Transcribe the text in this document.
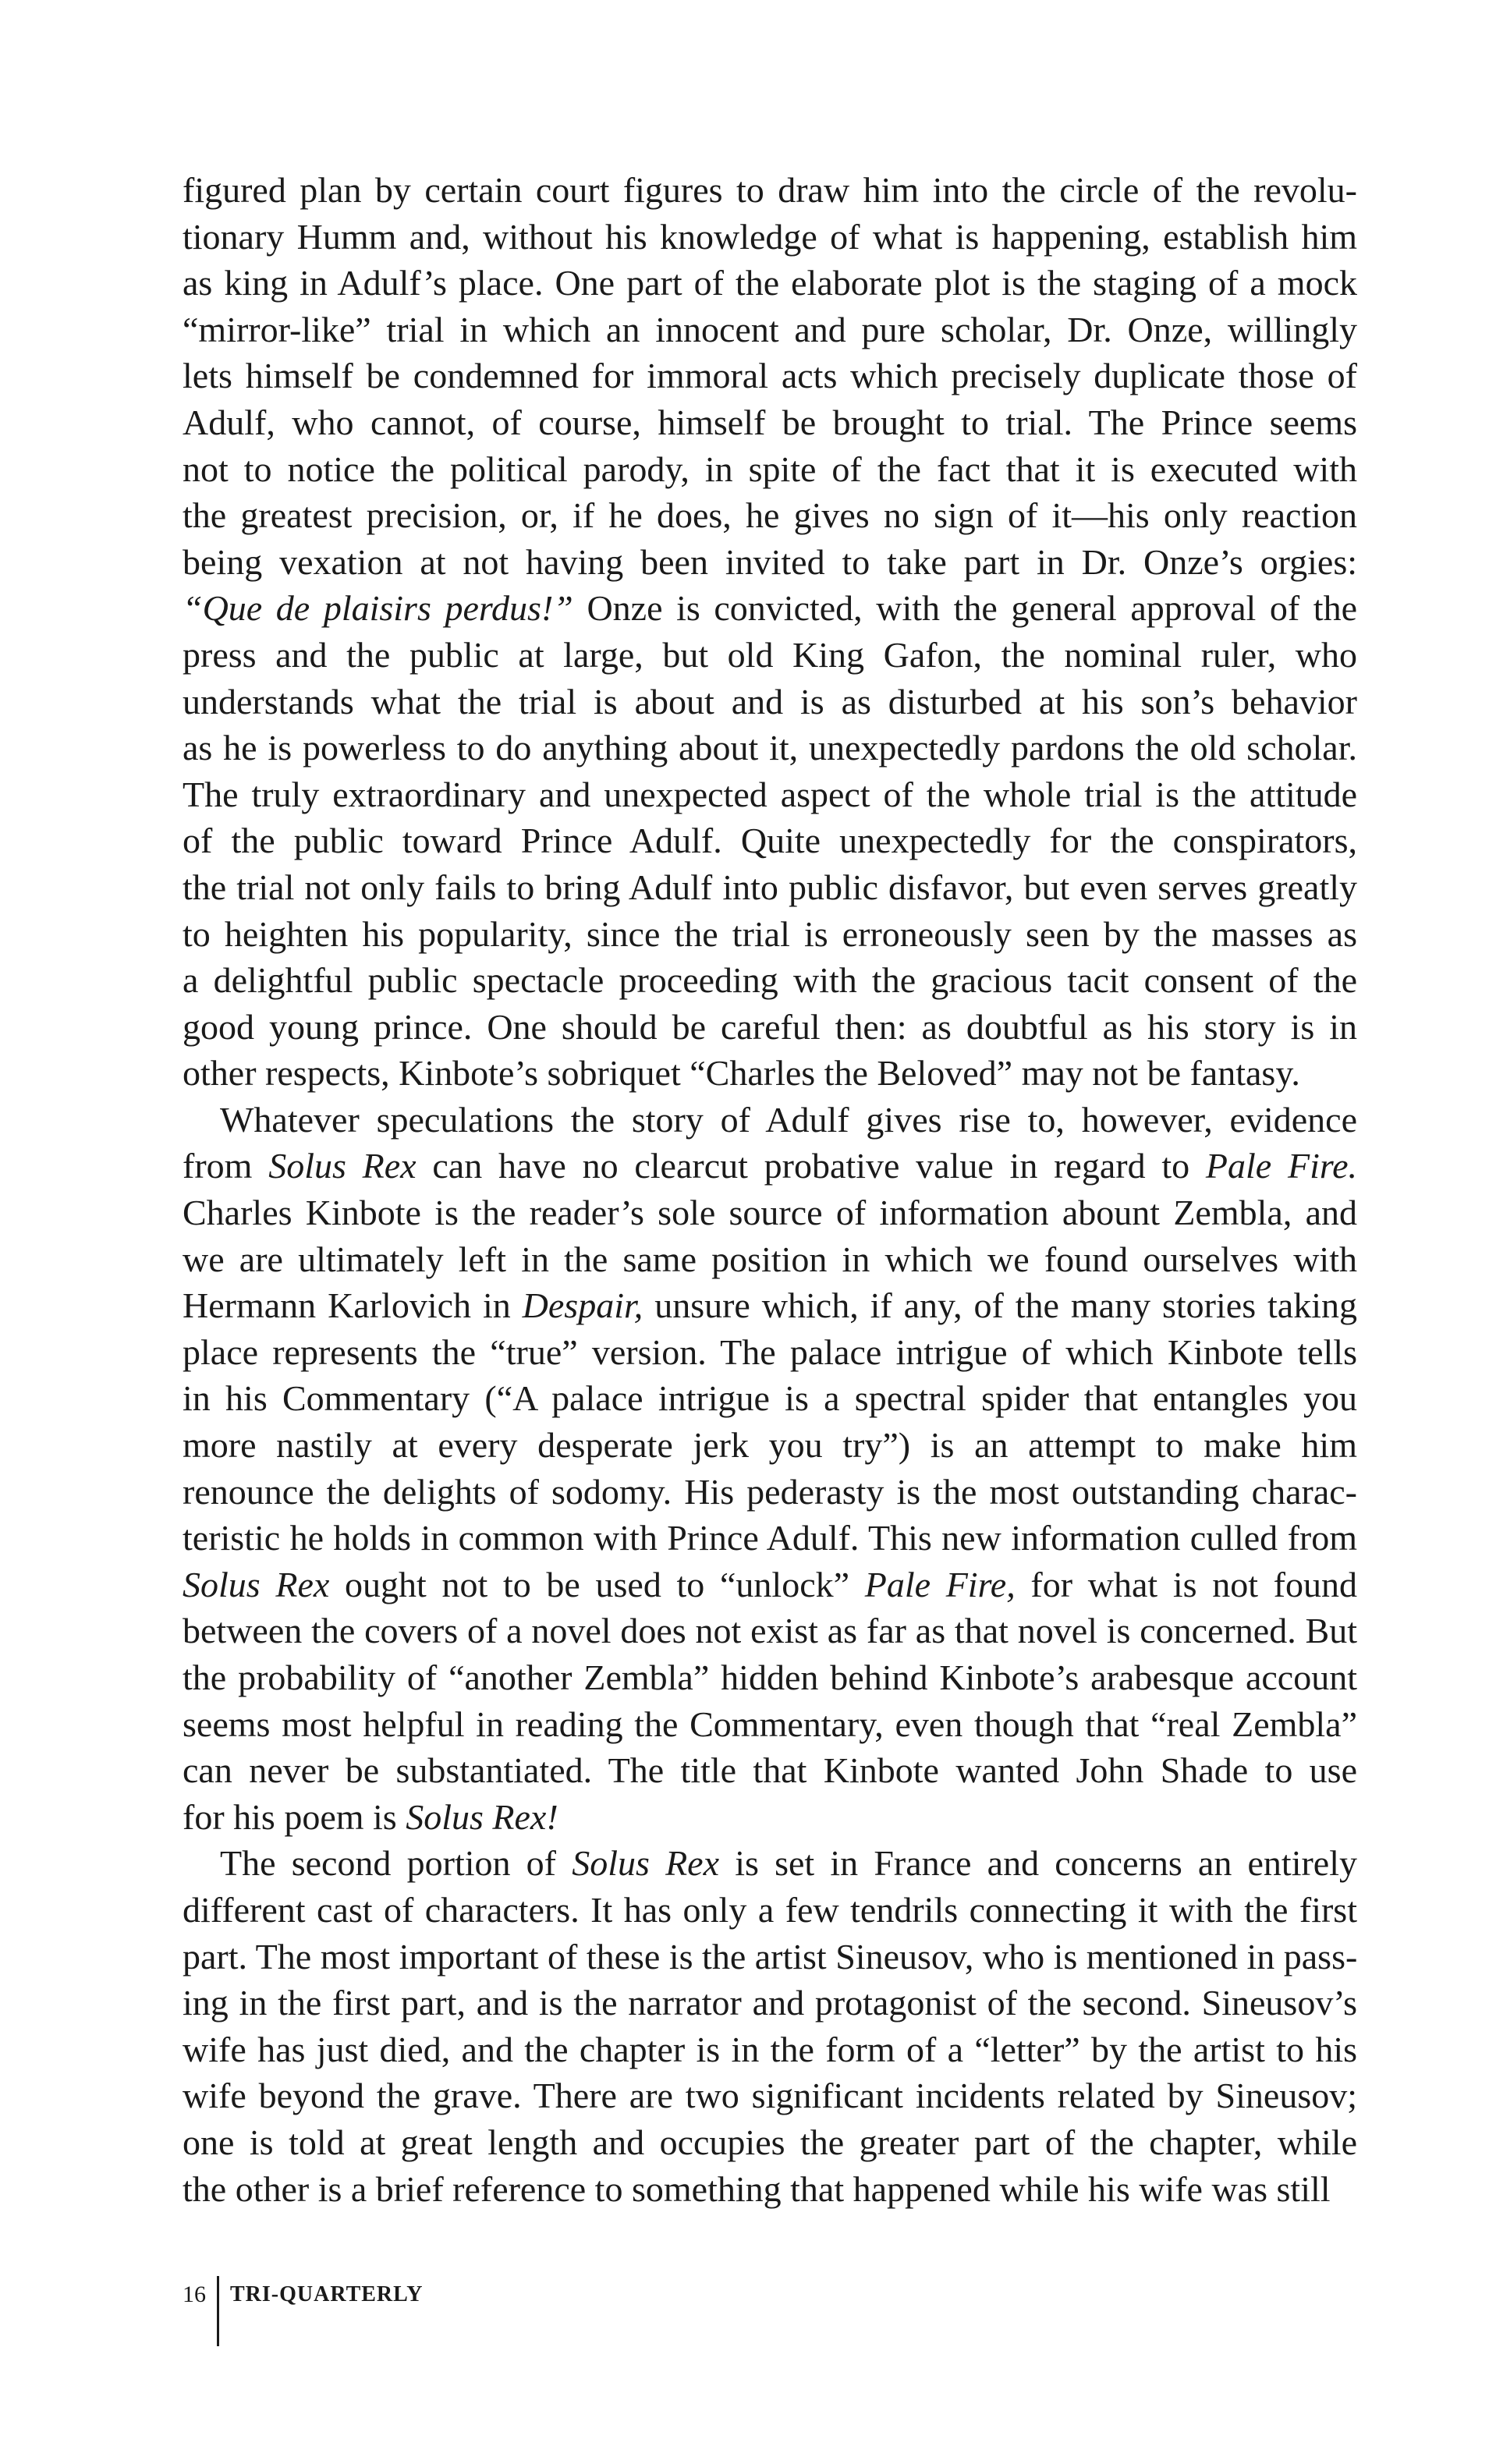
figured plan by certain court figures to draw him into the circle of the revolu-
tionary Humm and, without his knowledge of what is happening, establish him
as king in Adulf’s place. One part of the elaborate plot is the staging of a mock
“mirror-like” trial in which an innocent and pure scholar, Dr. Onze, willingly
lets himself be condemned for immoral acts which precisely duplicate those of
Adulf, who cannot, of course, himself be brought to trial. The Prince seems
not to notice the political parody, in spite of the fact that it is executed with
the greatest precision, or, if he does, he gives no sign of it—his only reaction
being vexation at not having been invited to take part in Dr. Onze’s orgies:
“Que de plaisirs perdus!” Onze is convicted, with the general approval of the
press and the public at large, but old King Gafon, the nominal ruler, who
understands what the trial is about and is as disturbed at his son’s behavior
as he is powerless to do anything about it, unexpectedly pardons the old scholar.
The truly extraordinary and unexpected aspect of the whole trial is the attitude
of the public toward Prince Adulf. Quite unexpectedly for the conspirators,
the trial not only fails to bring Adulf into public disfavor, but even serves greatly
to heighten his popularity, since the trial is erroneously seen by the masses as
a delightful public spectacle proceeding with the gracious tacit consent of the
good young prince. One should be careful then: as doubtful as his story is in
other respects, Kinbote’s sobriquet “Charles the Beloved” may not be fantasy.
Whatever speculations the story of Adulf gives rise to, however, evidence
from Solus Rex can have no clearcut probative value in regard to Pale Fire.
Charles Kinbote is the reader’s sole source of information abount Zembla, and
we are ultimately left in the same position in which we found ourselves with
Hermann Karlovich in Despair, unsure which, if any, of the many stories taking
place represents the “true” version. The palace intrigue of which Kinbote tells
in his Commentary (“A palace intrigue is a spectral spider that entangles you
more nastily at every desperate jerk you try”) is an attempt to make him
renounce the delights of sodomy. His pederasty is the most outstanding charac-
teristic he holds in common with Prince Adulf. This new information culled from
Solus Rex ought not to be used to “unlock” Pale Fire, for what is not found
between the covers of a novel does not exist as far as that novel is concerned. But
the probability of “another Zembla” hidden behind Kinbote’s arabesque account
seems most helpful in reading the Commentary, even though that “real Zembla”
can never be substantiated. The title that Kinbote wanted John Shade to use
for his poem is Solus Rex!
The second portion of Solus Rex is set in France and concerns an entirely
different cast of characters. It has only a few tendrils connecting it with the first
part. The most important of these is the artist Sineusov, who is mentioned in pass-
ing in the first part, and is the narrator and protagonist of the second. Sineusov’s
wife has just died, and the chapter is in the form of a “letter” by the artist to his
wife beyond the grave. There are two significant incidents related by Sineusov;
one is told at great length and occupies the greater part of the chapter, while
the other is a brief reference to something that happened while his wife was still
16 TRI-QUARTERLY
